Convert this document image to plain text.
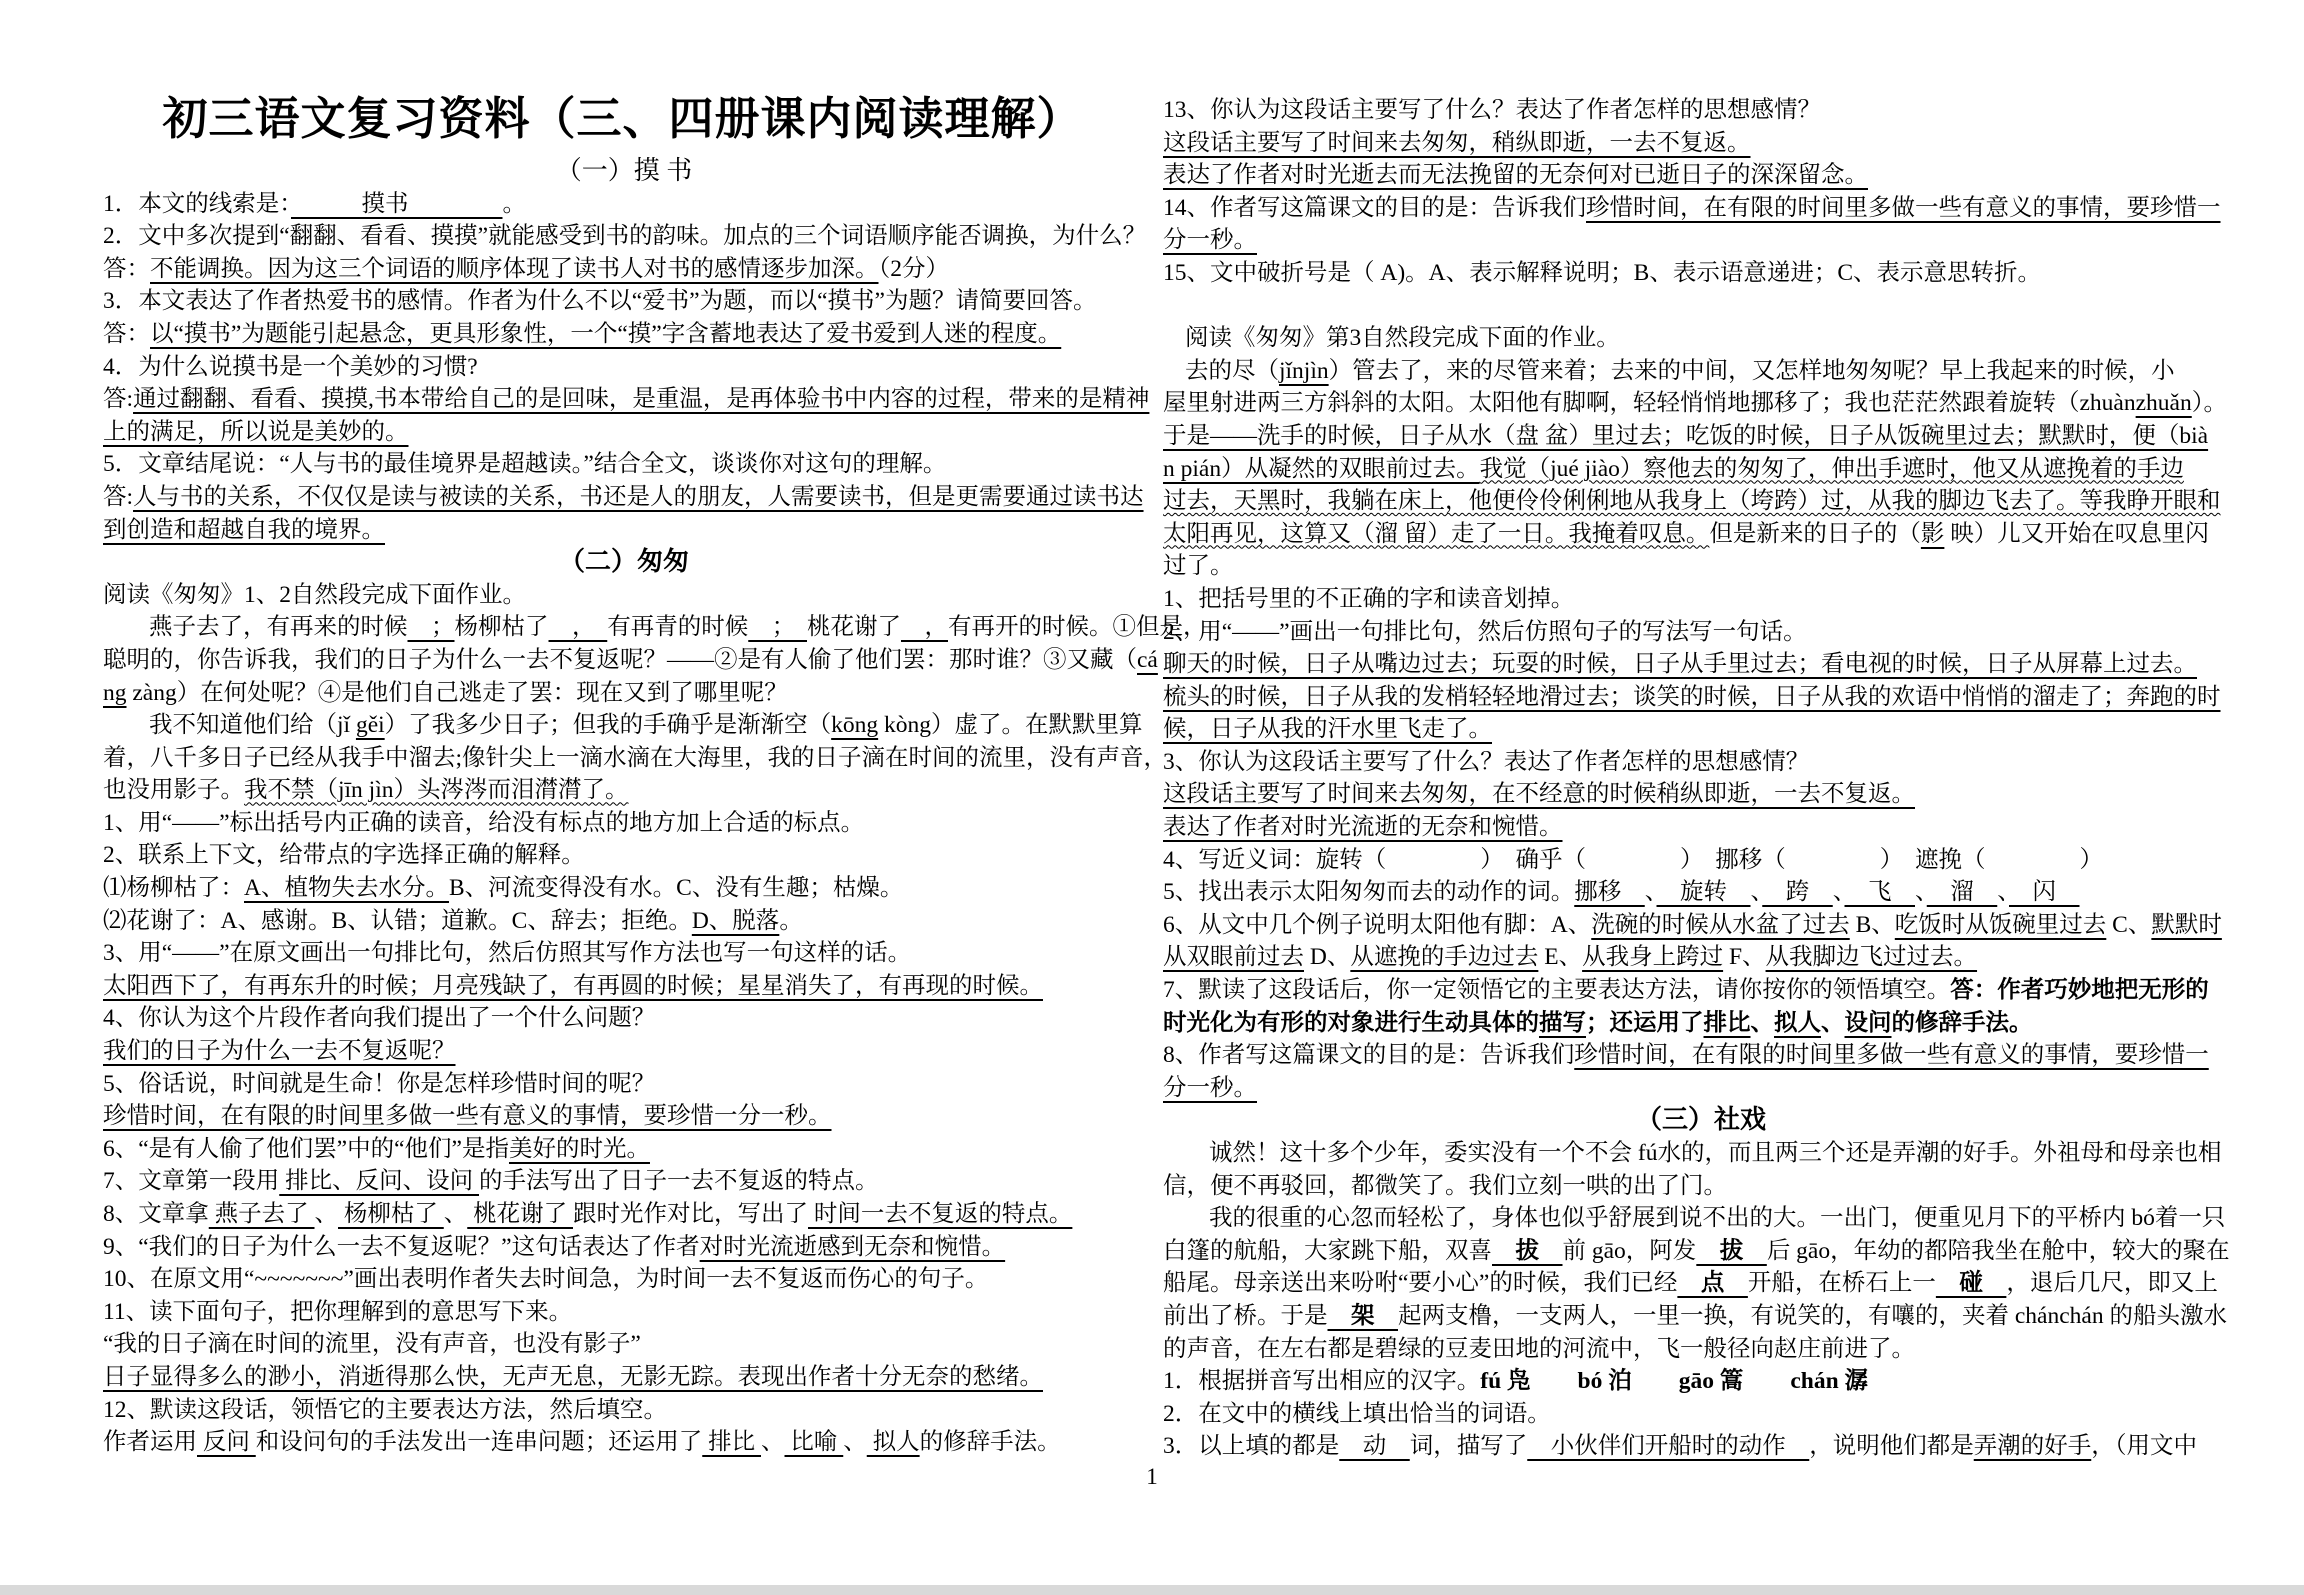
初三语文复习资料（三、四册课内阅读理解）
（一）摸 书
1．本文的线索是：　　　摸书　　　　。
2．文中多次提到“翻翻、看看、摸摸”就能感受到书的韵味。加点的三个词语顺序能否调换，为什么？
答：不能调换。因为这三个词语的顺序体现了读书人对书的感情逐步加深。（2分）
3．本文表达了作者热爱书的感情。作者为什么不以“爱书”为题，而以“摸书”为题？请简要回答。
答：以“摸书”为题能引起悬念，更具形象性，一个“摸”字含蓄地表达了爱书爱到人迷的程度。
4．为什么说摸书是一个美妙的习惯?
答:通过翻翻、看看、摸摸,书本带给自己的是回味，是重温，是再体验书中内容的过程，带来的是精神
上的满足，所以说是美妙的。
5．文章结尾说：“人与书的最佳境界是超越读。”结合全文，谈谈你对这句的理解。
答:人与书的关系，不仅仅是读与被读的关系，书还是人的朋友，人需要读书，但是更需要通过读书达
到创造和超越自我的境界。
（二）匆匆
阅读《匆匆》1、2自然段完成下面作业。
燕子去了，有再来的时候　；杨柳枯了　，　有再青的时候　；　桃花谢了　，有再开的时候。①但是，
聪明的，你告诉我，我们的日子为什么一去不复返呢？——②是有人偷了他们罢：那时谁？③又藏（cá
ng zàng）在何处呢？④是他们自己逃走了罢：现在又到了哪里呢？
我不知道他们给（jǐ gěi）了我多少日子；但我的手确乎是渐渐空（kōng kòng）虚了。在默默里算
着，八千多日子已经从我手中溜去;像针尖上一滴水滴在大海里，我的日子滴在时间的流里，没有声音，
也没用影子。我不禁（jīn jìn）头涔涔而泪潸潸了。
1、用“——”标出括号内正确的读音，给没有标点的地方加上合适的标点。
2、联系上下文，给带点的字选择正确的解释。
⑴杨柳枯了：A、植物失去水分。B、河流变得没有水。C、没有生趣；枯燥。
⑵花谢了：A、感谢。B、认错；道歉。C、辞去；拒绝。D、脱落。
3、用“——”在原文画出一句排比句，然后仿照其写作方法也写一句这样的话。
太阳西下了，有再东升的时候；月亮残缺了，有再圆的时候；星星消失了，有再现的时候。
4、你认为这个片段作者向我们提出了一个什么问题？
我们的日子为什么一去不复返呢？
5、俗话说，时间就是生命！你是怎样珍惜时间的呢？
珍惜时间，在有限的时间里多做一些有意义的事情，要珍惜一分一秒。
6、“是有人偷了他们罢”中的“他们”是指美好的时光。
7、文章第一段用 排比、反问、设问 的手法写出了日子一去不复返的特点。
8、文章拿 燕子去了 、 杨柳枯了 、 桃花谢了 跟时光作对比，写出了 时间一去不复返的特点。
9、“我们的日子为什么一去不复返呢？”这句话表达了作者对时光流逝感到无奈和惋惜。
10、在原文用“~~~~~~~”画出表明作者失去时间急，为时间一去不复返而伤心的句子。
11、读下面句子，把你理解到的意思写下来。
“我的日子滴在时间的流里，没有声音，也没有影子”
日子显得多么的渺小，消逝得那么快，无声无息，无影无踪。表现出作者十分无奈的愁绪。
12、默读这段话，领悟它的主要表达方法，然后填空。
作者运用 反问 和设问句的手法发出一连串问题；还运用了 排比 、 比喻 、 拟人的修辞手法。
13、你认为这段话主要写了什么？表达了作者怎样的思想感情？
这段话主要写了时间来去匆匆，稍纵即逝，一去不复返。
表达了作者对时光逝去而无法挽留的无奈何对已逝日子的深深留念。
14、作者写这篇课文的目的是：告诉我们珍惜时间，在有限的时间里多做一些有意义的事情，要珍惜一
分一秒。
15、文中破折号是（ A)。A、表示解释说明；B、表示语意递进；C、表示意思转折。
阅读《匆匆》第3自然段完成下面的作业。
去的尽（jǐnjìn）管去了，来的尽管来着；去来的中间，又怎样地匆匆呢？早上我起来的时候，小
屋里射进两三方斜斜的太阳。太阳他有脚啊，轻轻悄悄地挪移了；我也茫茫然跟着旋转（zhuànzhuǎn）。
于是——洗手的时候，日子从水（盘 盆）里过去；吃饭的时候，日子从饭碗里过去；默默时，便（bià
n pián）从凝然的双眼前过去。我觉（jué jiào）察他去的匆匆了，伸出手遮时，他又从遮挽着的手边
过去，天黑时，我躺在床上，他便伶伶俐俐地从我身上（垮跨）过，从我的脚边飞去了。等我睁开眼和
太阳再见，这算又（溜 留）走了一日。我掩着叹息。但是新来的日子的（影 映）儿又开始在叹息里闪
过了。
1、把括号里的不正确的字和读音划掉。
2、用“——”画出一句排比句，然后仿照句子的写法写一句话。
聊天的时候，日子从嘴边过去；玩耍的时候，日子从手里过去；看电视的时候，日子从屏幕上过去。
梳头的时候，日子从我的发梢轻轻地滑过去；谈笑的时候，日子从我的欢语中悄悄的溜走了；奔跑的时
候，日子从我的汗水里飞走了。
3、你认为这段话主要写了什么？表达了作者怎样的思想感情？
这段话主要写了时间来去匆匆，在不经意的时候稍纵即逝，一去不复返。
表达了作者对时光流逝的无奈和惋惜。
4、写近义词：旋转（　　　　）　确乎（　　　　）　挪移（　　　　）　遮挽（　　　　）
5、找出表示太阳匆匆而去的动作的词。挪移　、　旋转　、　跨　、　飞　、　溜　、　闪　
6、从文中几个例子说明太阳他有脚：A、洗碗的时候从水盆了过去 B、吃饭时从饭碗里过去 C、默默时
从双眼前过去 D、从遮挽的手边过去 E、从我身上跨过 F、从我脚边飞过过去。
7、默读了这段话后，你一定领悟它的主要表达方法，请你按你的领悟填空。答：作者巧妙地把无形的
时光化为有形的对象进行生动具体的描写；还运用了排比、拟人、设问的修辞手法。
8、作者写这篇课文的目的是：告诉我们珍惜时间，在有限的时间里多做一些有意义的事情，要珍惜一
分一秒。
（三）社戏
诚然！这十多个少年，委实没有一个不会 fú水的，而且两三个还是弄潮的好手。外祖母和母亲也相
信，便不再驳回，都微笑了。我们立刻一哄的出了门。
我的很重的心忽而轻松了，身体也似乎舒展到说不出的大。一出门，便重见月下的平桥内 bó着一只
白篷的航船，大家跳下船，双喜　拔　前 gāo，阿发　拔　后 gāo，年幼的都陪我坐在舱中，较大的聚在
船尾。母亲送出来吩咐“要小心”的时候，我们已经　点　开船，在桥石上一　碰　，退后几尺，即又上
前出了桥。于是　架　起两支橹，一支两人，一里一换，有说笑的，有嚷的，夹着 chánchán 的船头激水
的声音，在左右都是碧绿的豆麦田地的河流中，飞一般径向赵庄前进了。
1．根据拼音写出相应的汉字。fú 凫　　bó 泊　　gāo 篙　　chán 潺
2．在文中的横线上填出恰当的词语。
3．以上填的都是　动　词，描写了　小伙伴们开船时的动作　，说明他们都是弄潮的好手，（用文中
1
